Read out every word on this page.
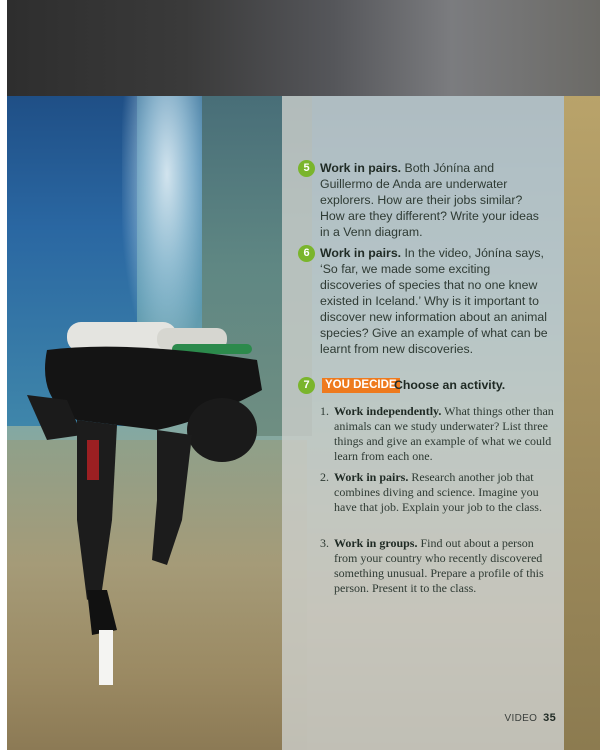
5 Work in pairs. Both Jónína and Guillermo de Anda are underwater explorers. How are their jobs similar? How are they different? Write your ideas in a Venn diagram.
6 Work in pairs. In the video, Jónína says, ‘So far, we made some exciting discoveries of species that no one knew existed in Iceland.’ Why is it important to discover new information about an animal species? Give an example of what can be learnt from new discoveries.
7	YOU DECIDE
Choose an activity.
1. Work independently. What things other than animals can we study underwater? List three things and give an example of what we could learn from each one.
2. Work in pairs. Research another job that combines diving and science. Imagine you have that job. Explain your job to the class.
3. Work in groups. Find out about a person from your country who recently discovered something unusual. Prepare a profile of this person. Present it to the class.
VIDEO 35
